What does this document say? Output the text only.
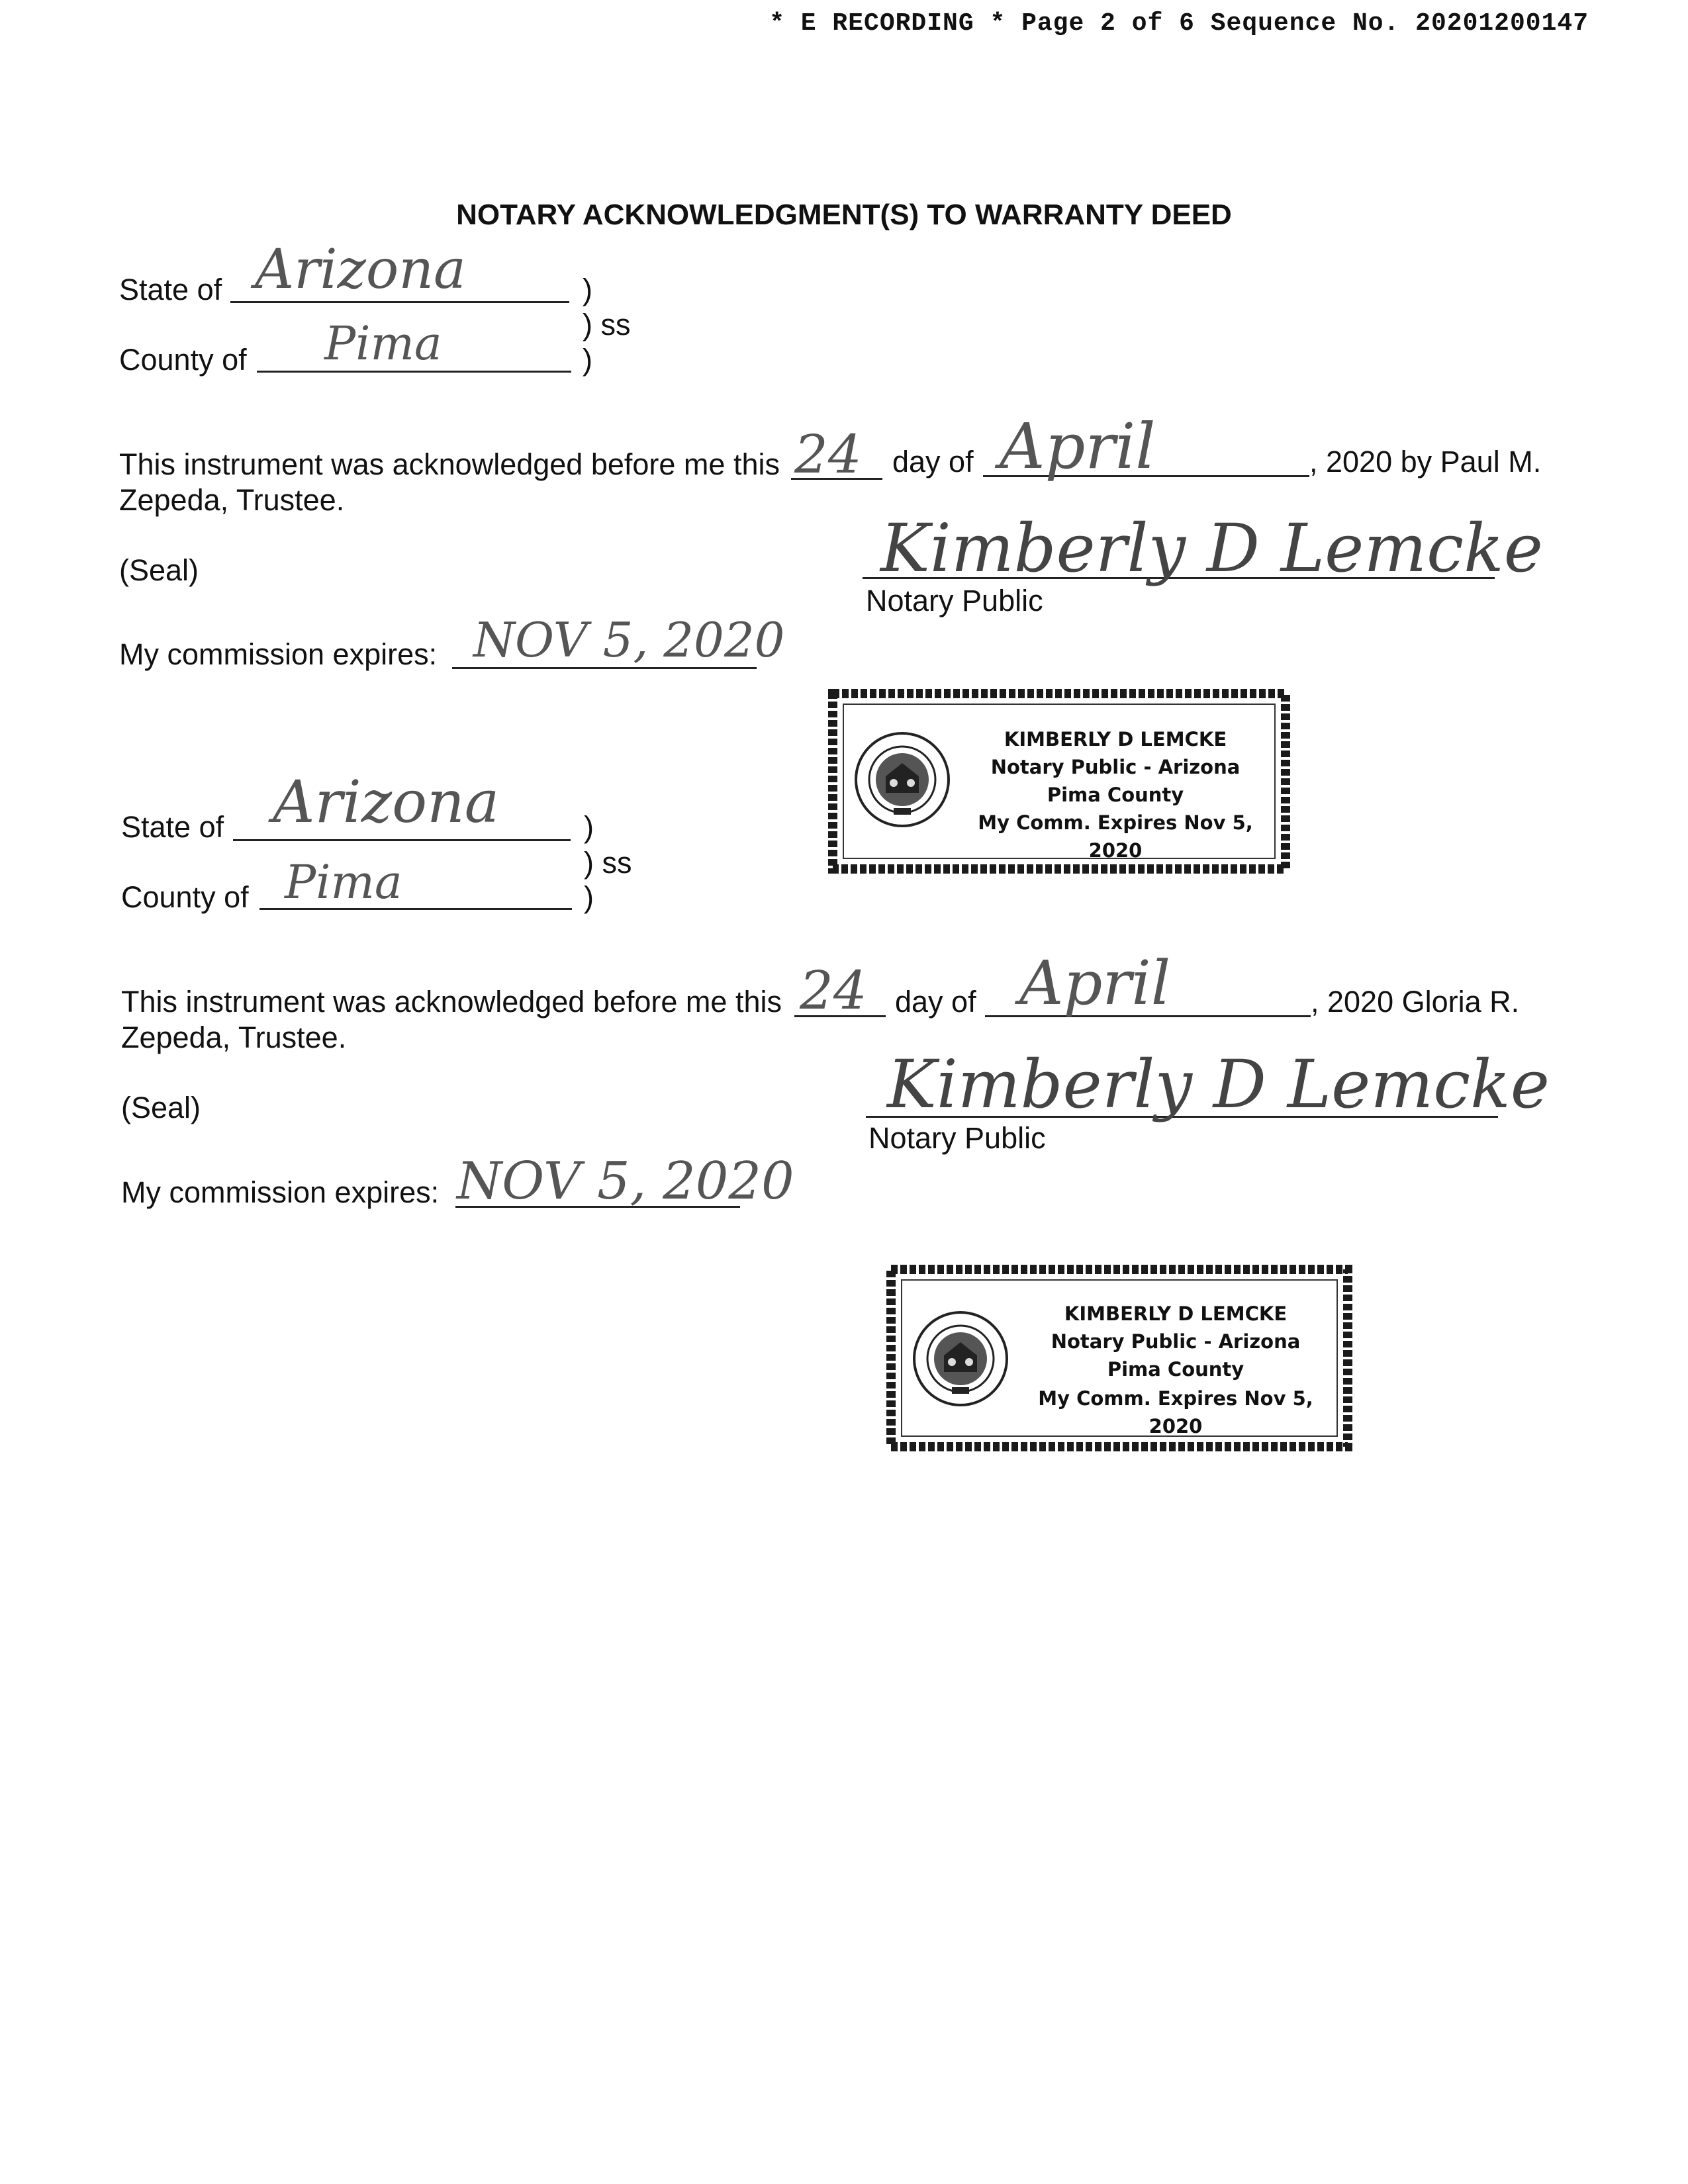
* E RECORDING * Page 2 of 6 Sequence No. 20201200147
NOTARY ACKNOWLEDGMENT(S) TO WARRANTY DEED
State of Arizona	)
) ss
County of Pima	)
This instrument was acknowledged before me this 24 day of April	, 2020 by Paul M.
Zepeda, Trustee.
(Seal)	Kimberly D Lemcke
Notary Public
My commission expires: NOV 5, 2020
KIMBERLY D LEMCKE
Notary Public - Arizona
Pima County
My Comm. Expires Nov 5, 2020
State of Arizona	)
) ss
County of Pima	)
This instrument was acknowledged before me this 24 day of April	, 2020 Gloria R.
Zepeda, Trustee.
(Seal)	Kimberly D Lemcke
Notary Public
My commission expires: NOV 5, 2020
KIMBERLY D LEMCKE
Notary Public - Arizona
Pima County
My Comm. Expires Nov 5, 2020
